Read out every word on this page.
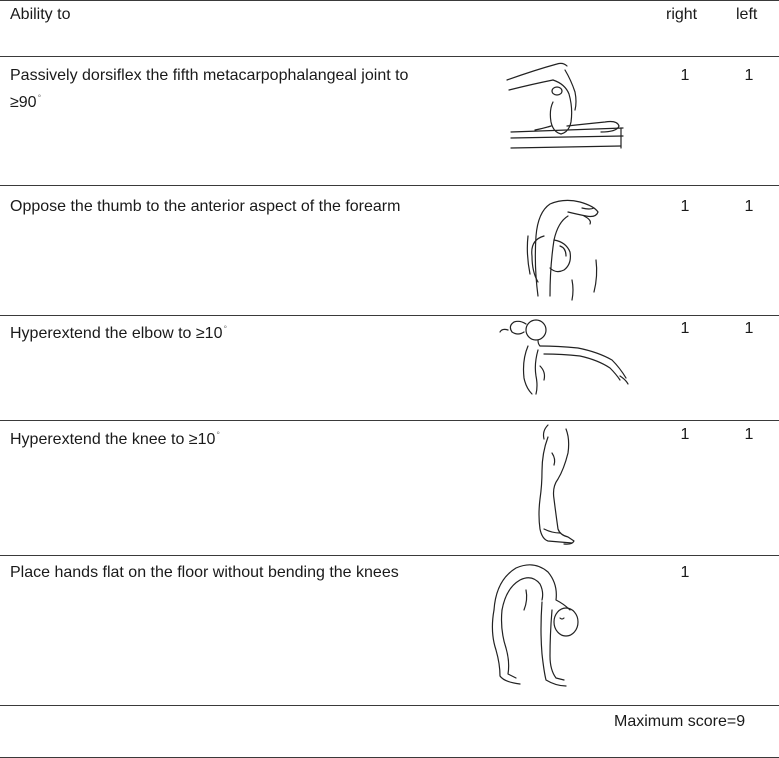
Ability to	right left
Passively dorsiflex the fifth metacarpophalangeal joint to
≥90°
1	1
Oppose the thumb to the anterior aspect of the forearm	1	1
Hyperextend the elbow to ≥10°	1	1
Hyperextend the knee to ≥10°	1	1
Place hands flat on the floor without bending the knees	1
Maximum score=9
